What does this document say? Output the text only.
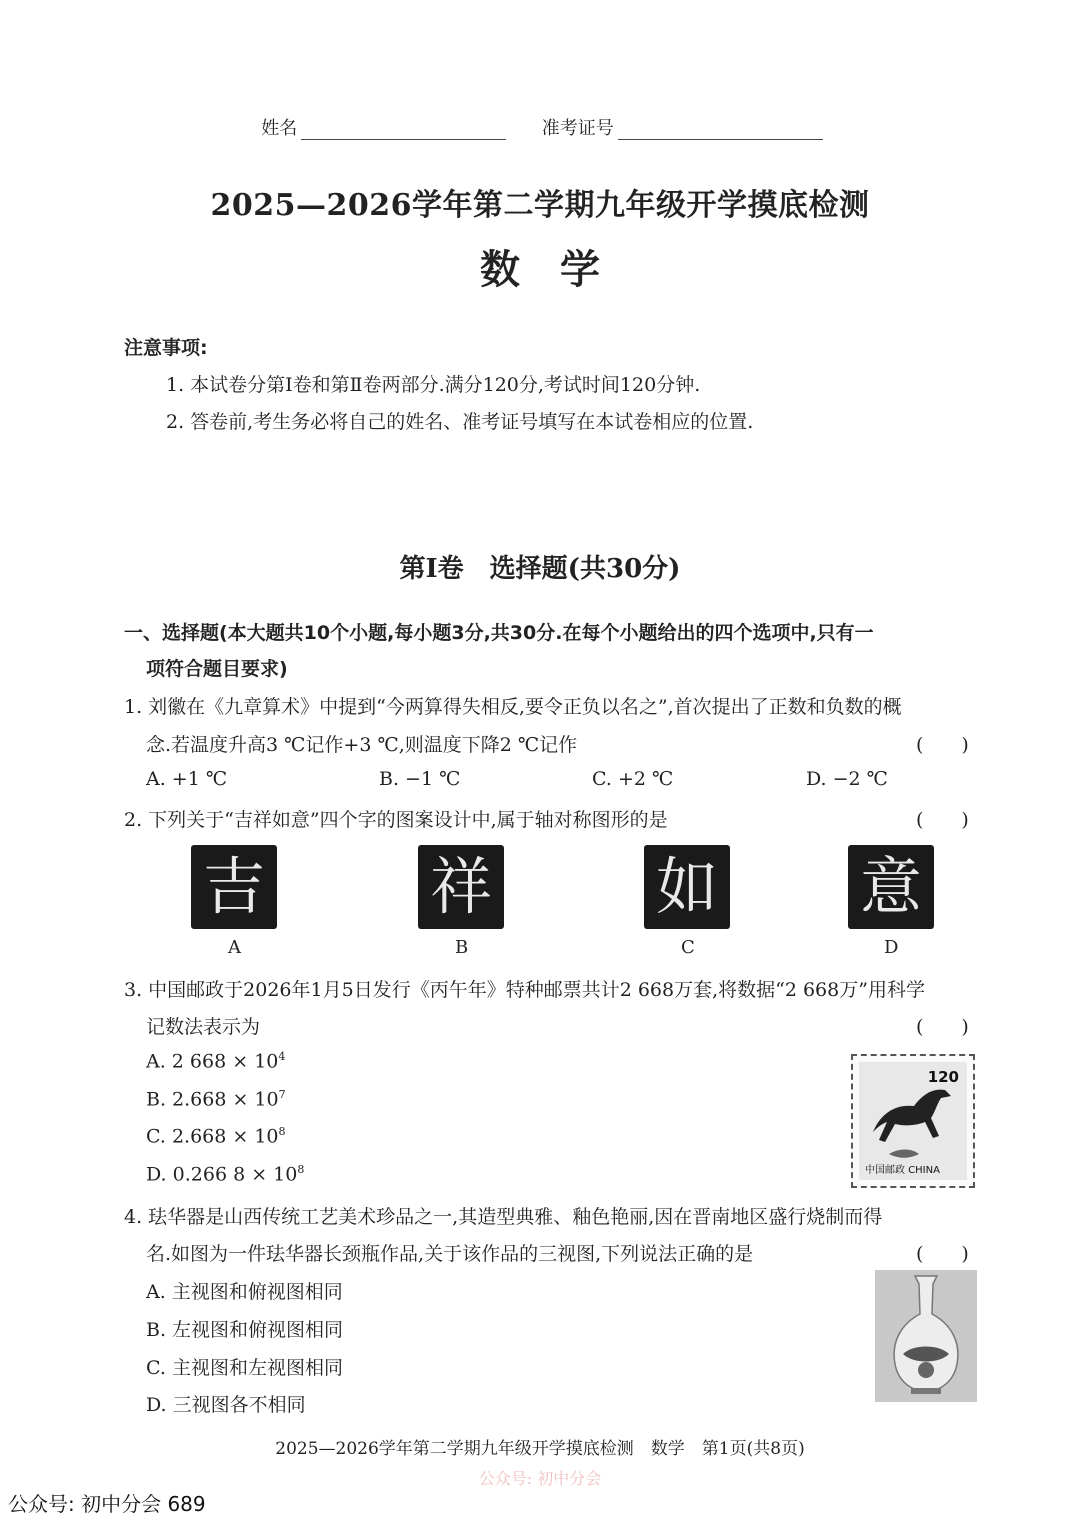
姓名	准考证号
2025—2026学年第二学期九年级开学摸底检测
数学
注意事项:
1. 本试卷分第Ⅰ卷和第Ⅱ卷两部分.满分120分,考试时间120分钟.
2. 答卷前,考生务必将自己的姓名、准考证号填写在本试卷相应的位置.
第Ⅰ卷　选择题(共30分)
一、选择题(本大题共10个小题,每小题3分,共30分.在每个小题给出的四个选项中,只有一
项符合题目要求)
1. 刘徽在《九章算术》中提到“今两算得失相反,要令正负以名之”,首次提出了正数和负数的概
念.若温度升高3 ℃记作+3 ℃,则温度下降2 ℃记作	(　　)
A. +1 ℃	B. −1 ℃	C. +2 ℃	D. −2 ℃
2. 下列关于“吉祥如意”四个字的图案设计中,属于轴对称图形的是	(　　)
吉	祥	如 意
A	B	C	D
3. 中国邮政于2026年1月5日发行《丙午年》特种邮票共计2 668万套,将数据“2 668万”用科学
记数法表示为	(　　)
A. 2 $668 \times 10^4$
B. $2.668 \times 10^7$
C. $2.668 \times 10^8$
D. 0.266 $8 \times 10^8$
120
中国邮政 CHINA
4. 珐华器是山西传统工艺美术珍品之一,其造型典雅、釉色艳丽,因在晋南地区盛行烧制而得
名.如图为一件珐华器长颈瓶作品,关于该作品的三视图,下列说法正确的是	(　　)
A. 主视图和俯视图相同
B. 左视图和俯视图相同
C. 主视图和左视图相同
D. 三视图各不相同
2025—2026学年第二学期九年级开学摸底检测　数学　第1页(共8页)
公众号: 初中分会
公众号: 初中分会 689
